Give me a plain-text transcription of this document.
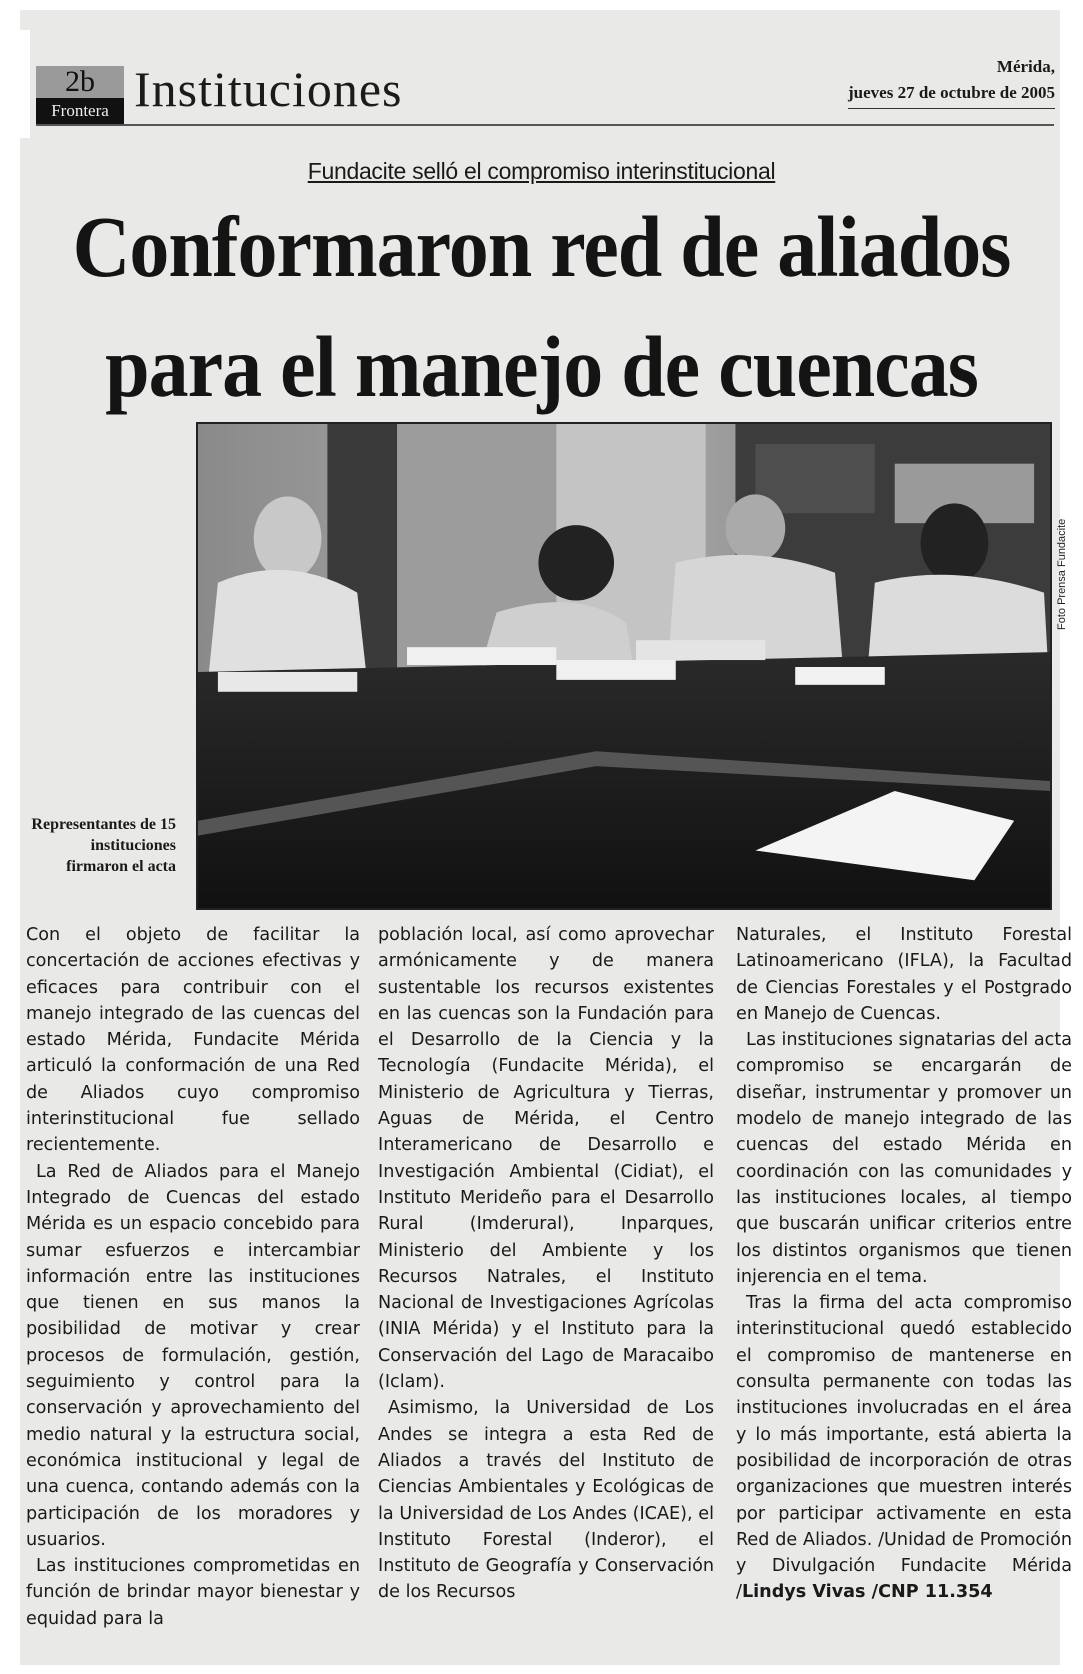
2b
Frontera Instituciones	Mérida,
jueves 27 de octubre de 2005
Fundacite selló el compromiso interinstitucional
Conformaron red de aliados
para el manejo de cuencas
Foto Prensa Fundacite
Representantes de 15 instituciones firmaron el acta

Con el objeto de facilitar la concertación de acciones efectivas y eficaces para contribuir con el manejo integrado de las cuencas del estado Mérida, Fundacite Mérida articuló la conformación de una Red de Aliados cuyo compromiso interinstitucional fue sellado recientemente.

La Red de Aliados para el Manejo Integrado de Cuencas del estado Mérida es un espacio concebido para sumar esfuerzos e intercambiar información entre las instituciones que tienen en sus manos la posibilidad de motivar y crear procesos de formulación, gestión, seguimiento y control para la conservación y aprovechamiento del medio natural y la estructura social, económica institucional y legal de una cuenca, contando además con la participación de los moradores y usuarios.

Las instituciones comprometidas en función de brindar mayor bienestar y equidad para la

población local, así como aprovechar armónicamente y de manera sustentable los recursos existentes en las cuencas son la Fundación para el Desarrollo de la Ciencia y la Tecnología (Fundacite Mérida), el Ministerio de Agricultura y Tierras, Aguas de Mérida, el Centro Interamericano de Desarrollo e Investigación Ambiental (Cidiat), el Instituto Merideño para el Desarrollo Rural (Imderural), Inparques, Ministerio del Ambiente y los Recursos Natrales, el Instituto Nacional de Investigaciones Agrícolas (INIA Mérida) y el Instituto para la Conservación del Lago de Maracaibo (Iclam).

Asimismo, la Universidad de Los Andes se integra a esta Red de Aliados a través del Instituto de Ciencias Ambientales y Ecológicas de la Universidad de Los Andes (ICAE), el Instituto Forestal (Inderor), el Instituto de Geografía y Conservación de los Recursos

Naturales, el Instituto Forestal Latinoamericano (IFLA), la Facultad de Ciencias Forestales y el Postgrado en Manejo de Cuencas.

Las instituciones signatarias del acta compromiso se encargarán de diseñar, instrumentar y promover un modelo de manejo integrado de las cuencas del estado Mérida en coordinación con las comunidades y las instituciones locales, al tiempo que buscarán unificar criterios entre los distintos organismos que tienen injerencia en el tema.

Tras la firma del acta compromiso interinstitucional quedó establecido el compromiso de mantenerse en consulta permanente con todas las instituciones involucradas en el área y lo más importante, está abierta la posibilidad de incorporación de otras organizaciones que muestren interés por participar activamente en esta Red de Aliados. /Unidad de Promoción y Divulgación Fundacite Mérida /Lindys Vivas /CNP 11.354
